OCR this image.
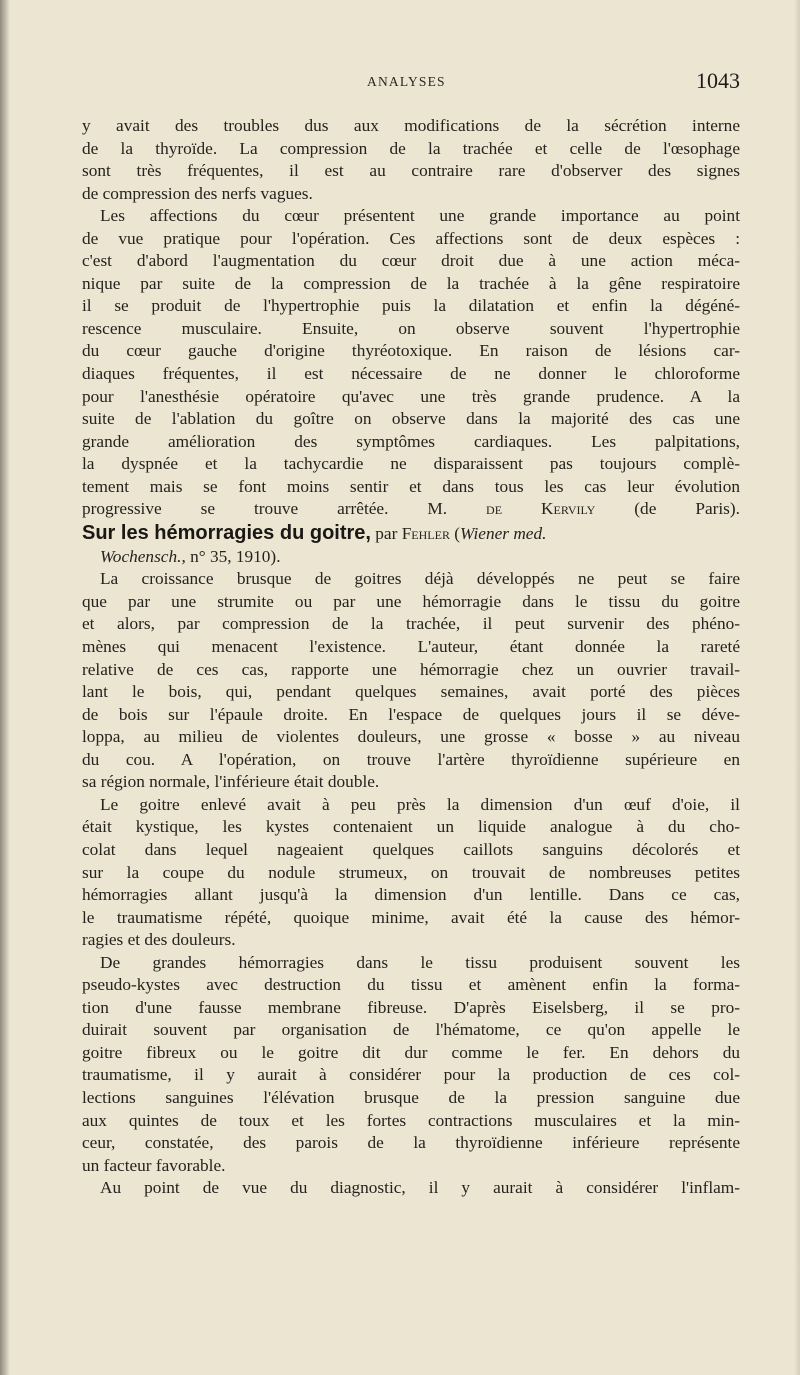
ANALYSES	1043
y avait des troubles dus aux modifications de la sécrétion interne
de la thyroïde. La compression de la trachée et celle de l'œsophage
sont très fréquentes, il est au contraire rare d'observer des signes
de compression des nerfs vagues.
Les affections du cœur présentent une grande importance au point
de vue pratique pour l'opération. Ces affections sont de deux espèces :
c'est d'abord l'augmentation du cœur droit due à une action méca-
nique par suite de la compression de la trachée à la gêne respiratoire
il se produit de l'hypertrophie puis la dilatation et enfin la dégéné-
rescence musculaire. Ensuite, on observe souvent l'hypertrophie
du cœur gauche d'origine thyréotoxique. En raison de lésions car-
diaques fréquentes, il est nécessaire de ne donner le chloroforme
pour l'anesthésie opératoire qu'avec une très grande prudence. A la
suite de l'ablation du goître on observe dans la majorité des cas une
grande amélioration des symptômes cardiaques. Les palpitations,
la dyspnée et la tachycardie ne disparaissent pas toujours complè-
tement mais se font moins sentir et dans tous les cas leur évolution
progressive se trouve arrêtée. M. de Kervily (de Paris).
Sur les hémorragies du goitre, par Fehler (Wiener med.
Wochensch., n° 35, 1910).
La croissance brusque de goitres déjà développés ne peut se faire
que par une strumite ou par une hémorragie dans le tissu du goitre
et alors, par compression de la trachée, il peut survenir des phéno-
mènes qui menacent l'existence. L'auteur, étant donnée la rareté
relative de ces cas, rapporte une hémorragie chez un ouvrier travail-
lant le bois, qui, pendant quelques semaines, avait porté des pièces
de bois sur l'épaule droite. En l'espace de quelques jours il se déve-
loppa, au milieu de violentes douleurs, une grosse « bosse » au niveau
du cou. A l'opération, on trouve l'artère thyroïdienne supérieure en
sa région normale, l'inférieure était double.
Le goitre enlevé avait à peu près la dimension d'un œuf d'oie, il
était kystique, les kystes contenaient un liquide analogue à du cho-
colat dans lequel nageaient quelques caillots sanguins décolorés et
sur la coupe du nodule strumeux, on trouvait de nombreuses petites
hémorragies allant jusqu'à la dimension d'un lentille. Dans ce cas,
le traumatisme répété, quoique minime, avait été la cause des hémor-
ragies et des douleurs.
De grandes hémorragies dans le tissu produisent souvent les
pseudo-kystes avec destruction du tissu et amènent enfin la forma-
tion d'une fausse membrane fibreuse. D'après Eiselsberg, il se pro-
duirait souvent par organisation de l'hématome, ce qu'on appelle le
goitre fibreux ou le goitre dit dur comme le fer. En dehors du
traumatisme, il y aurait à considérer pour la production de ces col-
lections sanguines l'élévation brusque de la pression sanguine due
aux quintes de toux et les fortes contractions musculaires et la min-
ceur, constatée, des parois de la thyroïdienne inférieure représente
un facteur favorable.
Au point de vue du diagnostic, il y aurait à considérer l'inflam-
